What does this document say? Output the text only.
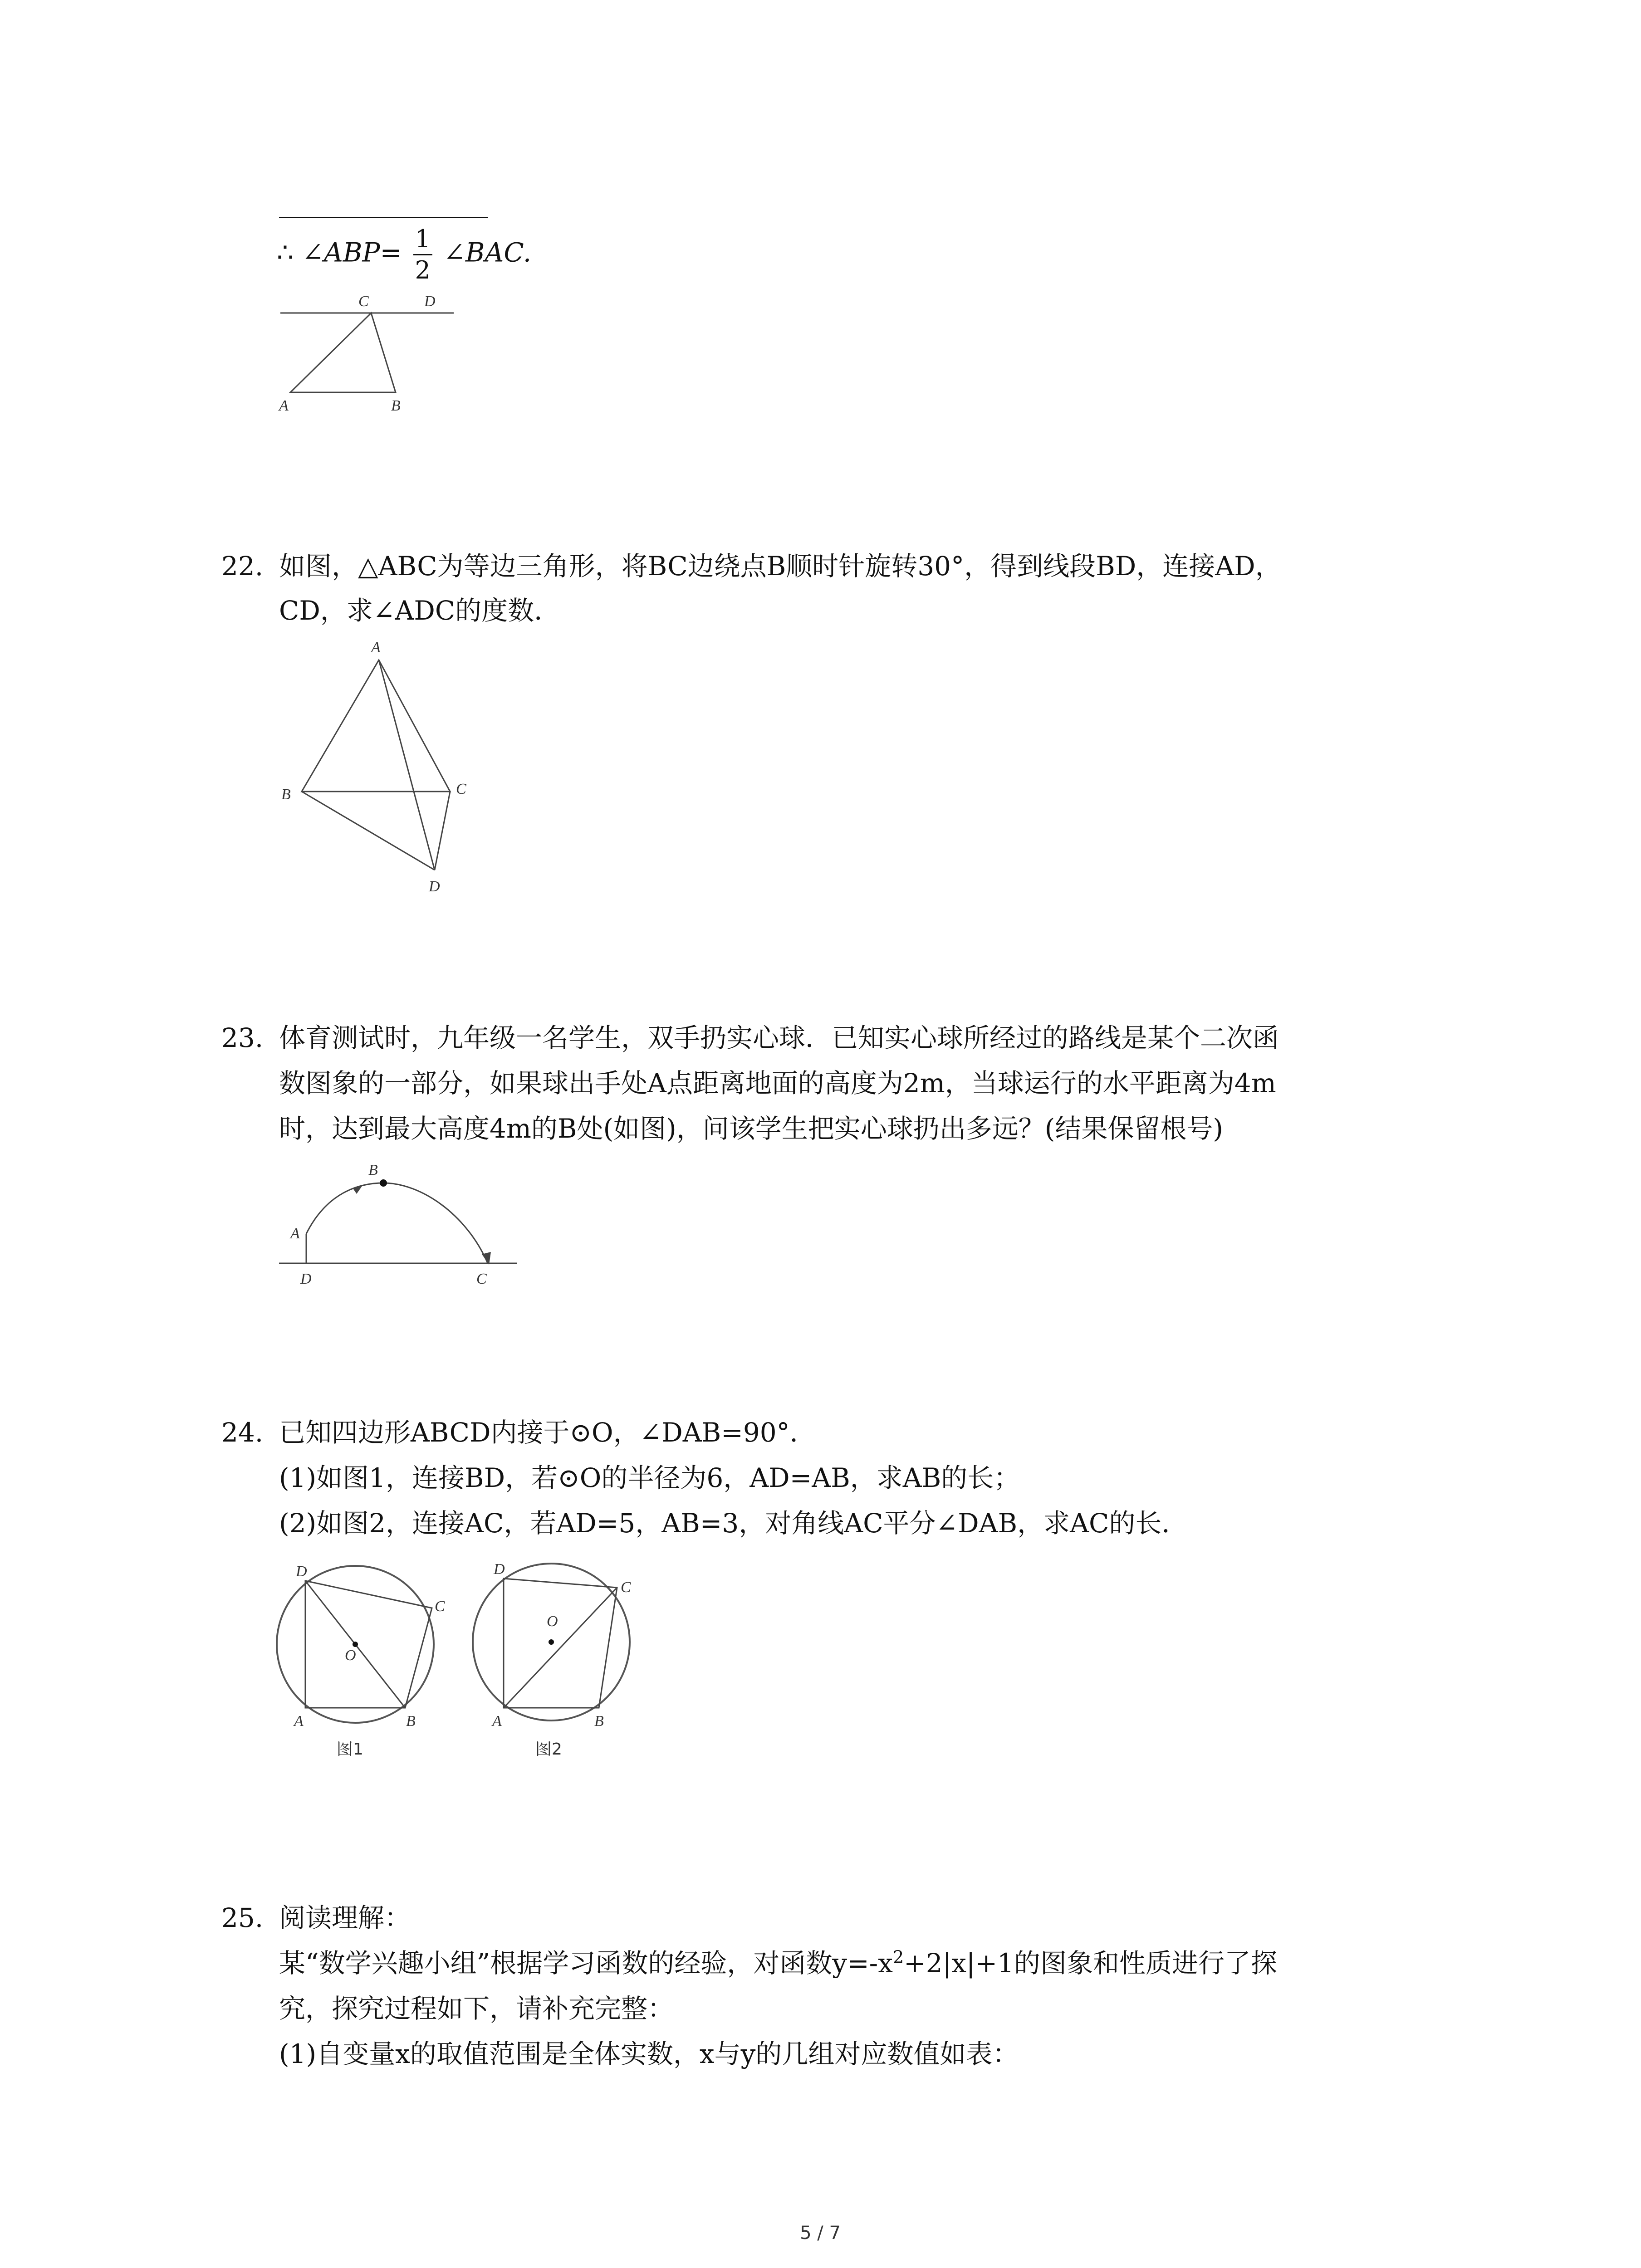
∴ ∠ABP= $\frac{1}{2}$ ∠BAC.
C	D
A	B
22. 如图，△ABC为等边三角形，将BC边绕点B顺时针旋转30°，得到线段BD，连接AD，
CD，求∠ADC的度数．
A
B	C
D
23. 体育测试时，九年级一名学生，双手扔实心球．已知实心球所经过的路线是某个二次函
数图象的一部分，如果球出手处A点距离地面的高度为2m，当球运行的水平距离为4m
时，达到最大高度4m的B处(如图)，问该学生把实心球扔出多远？(结果保留根号)
B
A
D	C
24. 已知四边形ABCD内接于⊙O，∠DAB=90°．
(1)如图1，连接BD，若⊙O的半径为6，AD=AB，求AB的长；
(2)如图2，连接AC，若AD=5，AB=3，对角线AC平分∠DAB，求AC的长．
D
C
O
A	B
图1
D
C
O
A	B
图2
25. 阅读理解：
某“数学兴趣小组”根据学习函数的经验，对函数$y=-x^2+2|x|+1$的图象和性质进行了探
究，探究过程如下，请补充完整：
(1)自变量x的取值范围是全体实数，x与y的几组对应数值如表：
5 / 7
